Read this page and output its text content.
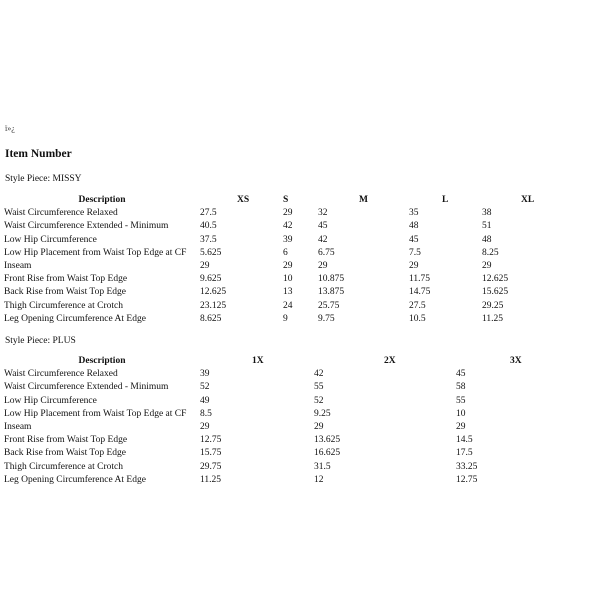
ï»¿
Item Number
Style Piece: MISSY
Description	XS	S	M	L	XL
Waist Circumference Relaxed	27.5	29	32	35	38
Waist Circumference Extended - Minimum	40.5	42	45	48	51
Low Hip Circumference	37.5	39	42	45	48
Low Hip Placement from Waist Top Edge at CF	5.625	6	6.75	7.5	8.25
Inseam	29	29	29	29	29
Front Rise from Waist Top Edge	9.625	10	10.875	11.75	12.625
Back Rise from Waist Top Edge	12.625	13	13.875	14.75	15.625
Thigh Circumference at Crotch	23.125	24	25.75	27.5	29.25
Leg Opening Circumference At Edge	8.625	9	9.75	10.5	11.25
Style Piece: PLUS
Description	1X	2X	3X
Waist Circumference Relaxed	39	42	45
Waist Circumference Extended - Minimum	52	55	58
Low Hip Circumference	49	52	55
Low Hip Placement from Waist Top Edge at CF	8.5	9.25	10
Inseam	29	29	29
Front Rise from Waist Top Edge	12.75	13.625	14.5
Back Rise from Waist Top Edge	15.75	16.625	17.5
Thigh Circumference at Crotch	29.75	31.5	33.25
Leg Opening Circumference At Edge	11.25	12	12.75
